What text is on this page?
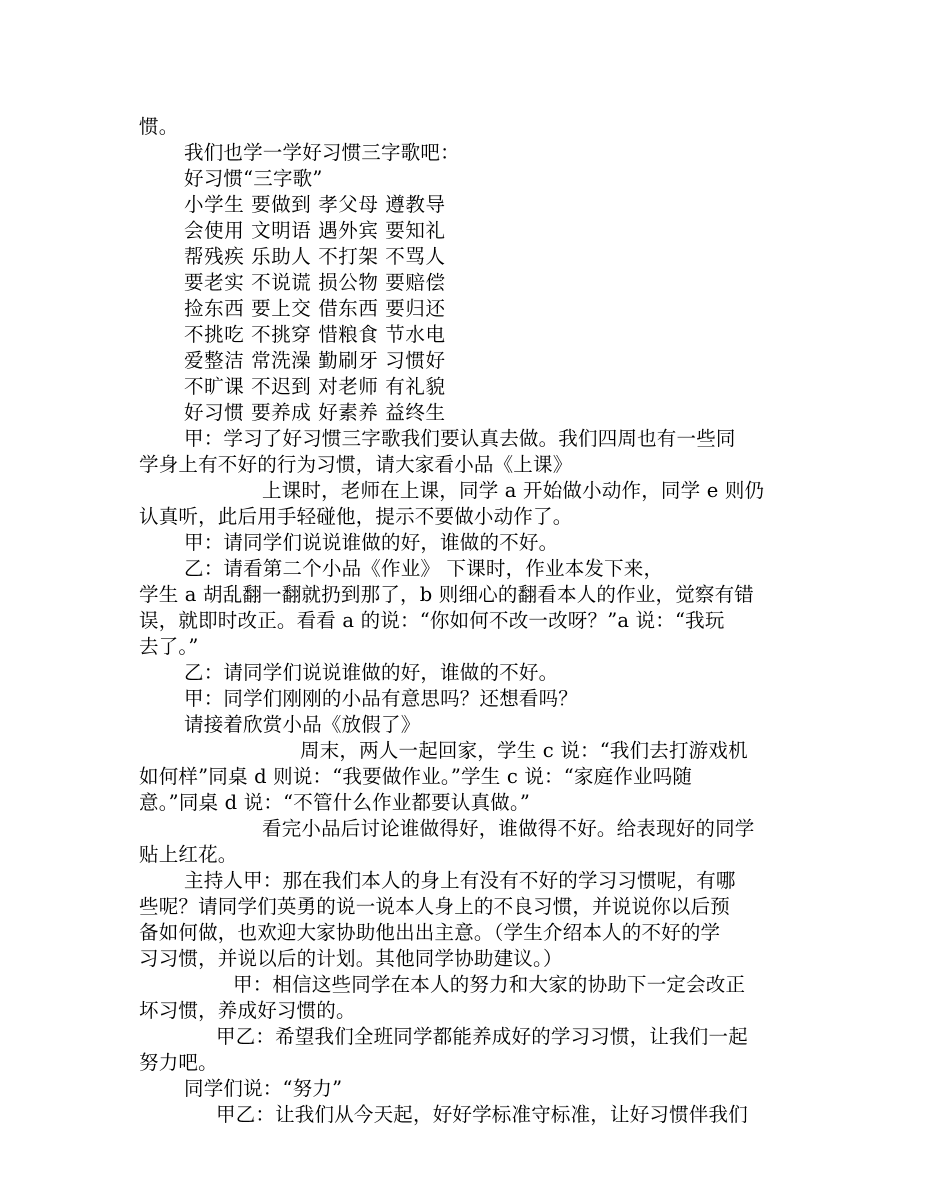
惯。
我们也学一学好习惯三字歌吧：
好习惯“三字歌”
小学生 要做到 孝父母 遵教导
会使用 文明语 遇外宾 要知礼
帮残疾 乐助人 不打架 不骂人
要老实 不说谎 损公物 要赔偿
捡东西 要上交 借东西 要归还
不挑吃 不挑穿 惜粮食 节水电
爱整洁 常洗澡 勤刷牙 习惯好
不旷课 不迟到 对老师 有礼貌
好习惯 要养成 好素养 益终生
甲：学习了好习惯三字歌我们要认真去做。我们四周也有一些同
学身上有不好的行为习惯，请大家看小品《上课》
上课时，老师在上课，同学 a 开始做小动作，同学 e 则仍
认真听，此后用手轻碰他，提示不要做小动作了。
甲：请同学们说说谁做的好，谁做的不好。
乙：请看第二个小品《作业》 下课时，作业本发下来，
学生 a 胡乱翻一翻就扔到那了，b 则细心的翻看本人的作业，觉察有错
误，就即时改正。看看 a 的说：“你如何不改一改呀？”a 说：“我玩
去了。”
乙：请同学们说说谁做的好，谁做的不好。
甲：同学们刚刚的小品有意思吗？还想看吗？
请接着欣赏小品《放假了》
周末，两人一起回家，学生 c 说：“我们去打游戏机
如何样”同桌 d 则说：“我要做作业。”学生 c 说：“家庭作业吗随
意。”同桌 d 说：“不管什么作业都要认真做。”
看完小品后讨论谁做得好，谁做得不好。给表现好的同学
贴上红花。
主持人甲：那在我们本人的身上有没有不好的学习习惯呢，有哪
些呢？请同学们英勇的说一说本人身上的不良习惯，并说说你以后预
备如何做，也欢迎大家协助他出出主意。（学生介绍本人的不好的学
习习惯，并说以后的计划。其他同学协助建议。）
甲：相信这些同学在本人的努力和大家的协助下一定会改正
坏习惯，养成好习惯的。
甲乙：希望我们全班同学都能养成好的学习习惯，让我们一起
努力吧。
同学们说：“努力”
甲乙：让我们从今天起，好好学标准守标准，让好习惯伴我们
